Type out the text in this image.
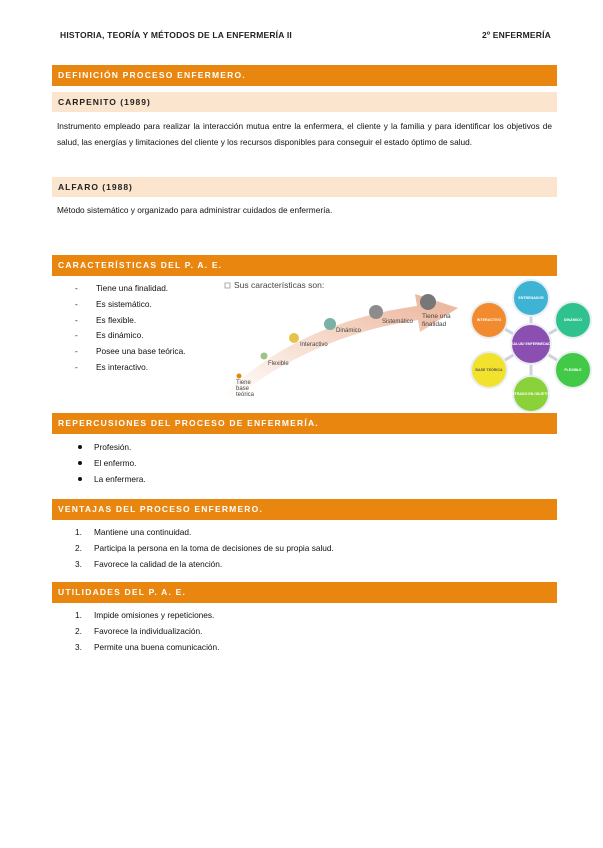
HISTORIA, TEORÍA Y MÉTODOS DE LA ENFERMERÍA II	2º ENFERMERÍA
DEFINICIÓN PROCESO ENFERMERO.
CARPENITO (1989)
Instrumento empleado para realizar la interacción mutua entre la enfermera, el cliente y la familia y para identificar los objetivos de salud, las energías y limitaciones del cliente y los recursos disponibles para conseguir el estado óptimo de salud.
ALFARO (1988)
Método sistemático y organizado para administrar cuidados de enfermería.
CARACTERÍSTICAS DEL P. A. E.
- Tiene una finalidad.
- Es sistemático.
- Es flexible.
- Es dinámico.
- Posee una base teórica.
- Es interactivo.
Sus características son:
Tiene base teórica
Flexible
Interactivo
Dinámico
Sistemático
Tiene una finalidad
ENTRENADOR
DINÁMICO
FLEXIBLE
CENTRADO EN OBJETIVOS
BASE TEÓRICA
INTERACTIVO
SALUD/ ENFERMEDAD
REPERCUSIONES DEL PROCESO DE ENFERMERÍA.
Profesión.
El enfermo.
La enfermera.
VENTAJAS DEL PROCESO ENFERMERO.
1. Mantiene una continuidad.
2. Participa la persona en la toma de decisiones de su propia salud.
3. Favorece la calidad de la atención.
UTILIDADES DEL P. A. E.
1. Impide omisiones y repeticiones.
2. Favorece la individualización.
3. Permite una buena comunicación.
